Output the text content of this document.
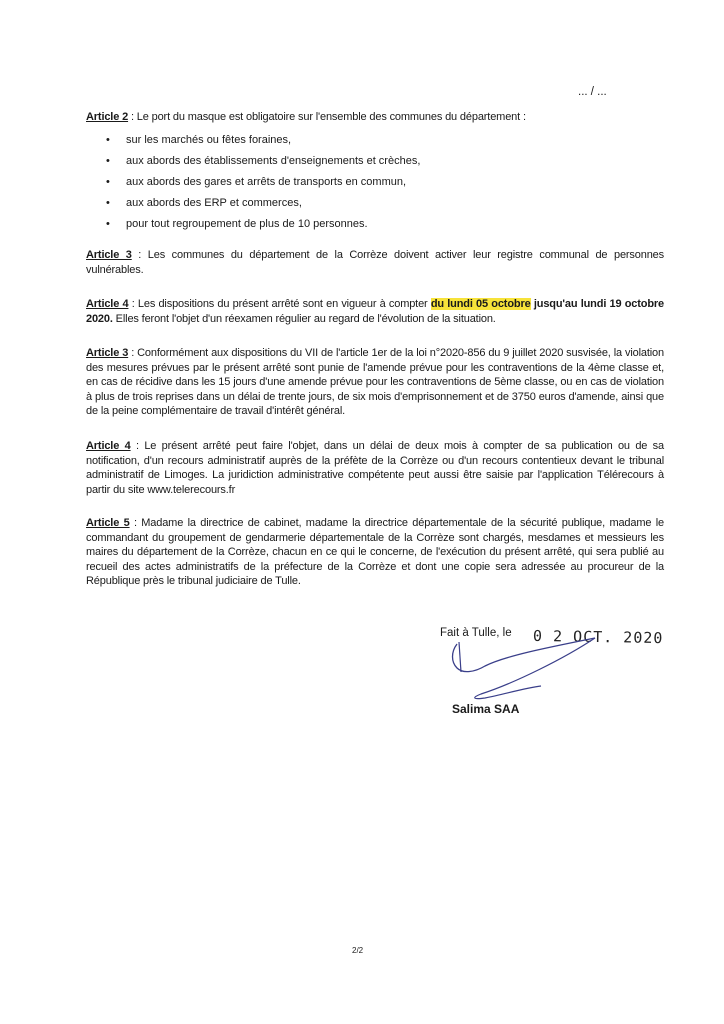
... / ...
Article 2 : Le port du masque est obligatoire sur l'ensemble des communes du département :
• sur les marchés ou fêtes foraines,
• aux abords des établissements d'enseignements et crèches,
• aux abords des gares et arrêts de transports en commun,
• aux abords des ERP et commerces,
• pour tout regroupement de plus de 10 personnes.
Article 3 : Les communes du département de la Corrèze doivent activer leur registre communal de personnes vulnérables.
Article 4 : Les dispositions du présent arrêté sont en vigueur à compter du lundi 05 octobre jusqu'au lundi 19 octobre 2020. Elles feront l'objet d'un réexamen régulier au regard de l'évolution de la situation.
Article 3 : Conformément aux dispositions du VII de l'article 1er de la loi n°2020-856 du 9 juillet 2020 susvisée, la violation des mesures prévues par le présent arrêté sont punie de l'amende prévue pour les contraventions de la 4ème classe et, en cas de récidive dans les 15 jours d'une amende prévue pour les contraventions de 5ème classe, ou en cas de violation à plus de trois reprises dans un délai de trente jours, de six mois d'emprisonnement et de 3750 euros d'amende, ainsi que de la peine complémentaire de travail d'intérêt général.
Article 4 : Le présent arrêté peut faire l'objet, dans un délai de deux mois à compter de sa publication ou de sa notification, d'un recours administratif auprès de la préfète de la Corrèze ou d'un recours contentieux devant le tribunal administratif de Limoges. La juridiction administrative compétente peut aussi être saisie par l'application Télérecours à partir du site www.telerecours.fr
Article 5 : Madame la directrice de cabinet, madame la directrice départementale de la sécurité publique, madame le commandant du groupement de gendarmerie départementale de la Corrèze sont chargés, mesdames et messieurs les maires du département de la Corrèze, chacun en ce qui le concerne, de l'exécution du présent arrêté, qui sera publié au recueil des actes administratifs de la préfecture de la Corrèze et dont une copie sera adressée au procureur de la République près le tribunal judiciaire de Tulle.
Fait à Tulle, le 0 2 OCT. 2020
Salima SAA
2/2
